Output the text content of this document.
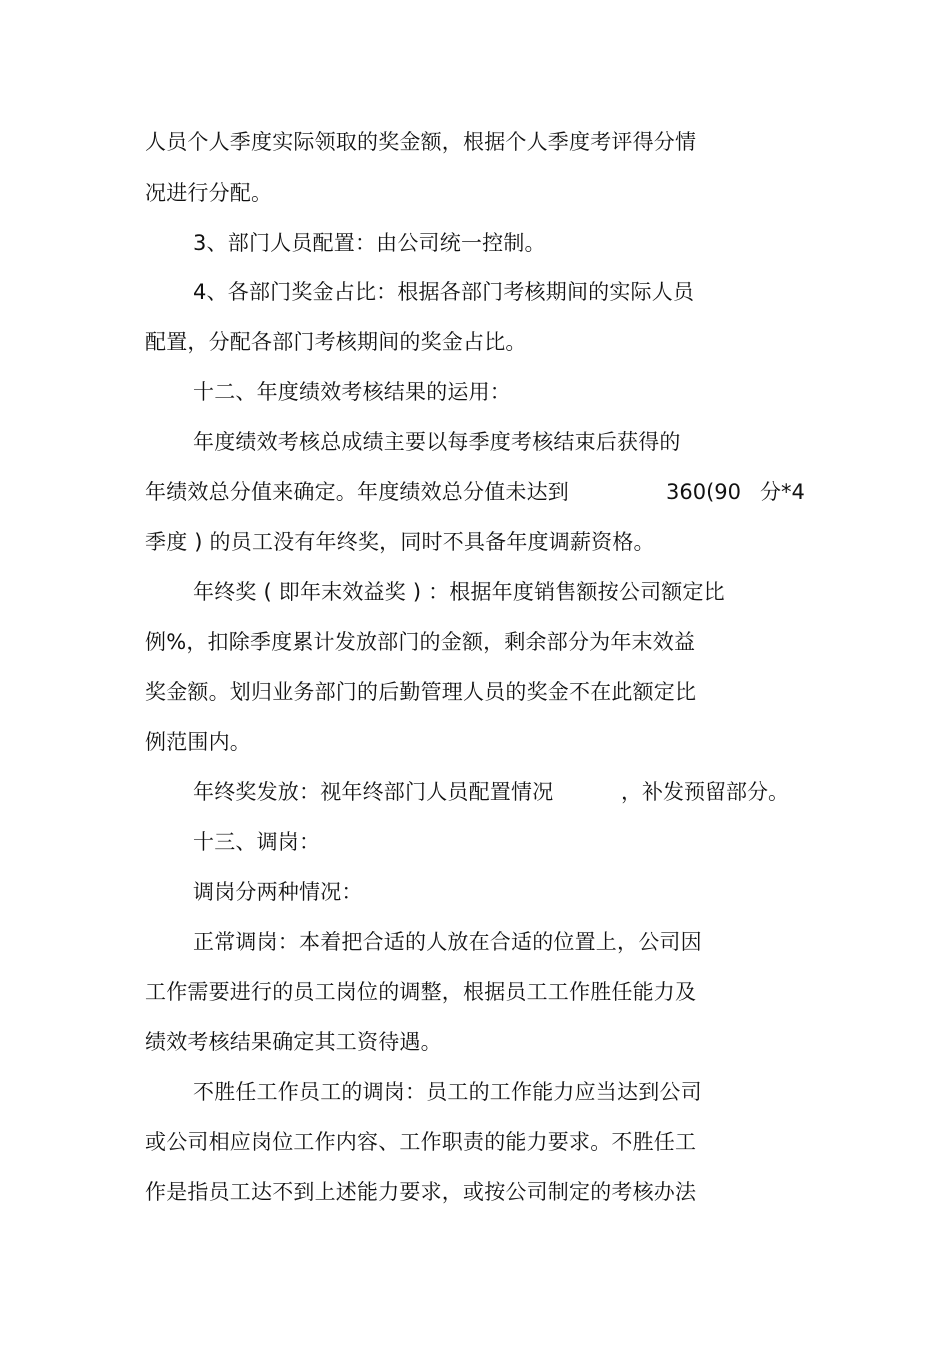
人员个人季度实际领取的奖金额，根据个人季度考评得分情
况进行分配。
3、部门人员配置：由公司统一控制。
4、各部门奖金占比：根据各部门考核期间的实际人员
配置，分配各部门考核期间的奖金占比。
十二、年度绩效考核结果的运用：
年度绩效考核总成绩主要以每季度考核结束后获得的
年绩效总分值来确定。年度绩效总分值未达到	360(90 分*4
季度 ) 的员工没有年终奖，同时不具备年度调薪资格。
年终奖 ( 即年末效益奖 ) ：根据年度销售额按公司额定比
例%，扣除季度累计发放部门的金额，剩余部分为年末效益
奖金额。划归业务部门的后勤管理人员的奖金不在此额定比
例范围内。
年终奖发放：视年终部门人员配置情况	，补发预留部分。
十三、调岗：
调岗分两种情况：
正常调岗：本着把合适的人放在合适的位置上，公司因
工作需要进行的员工岗位的调整，根据员工工作胜任能力及
绩效考核结果确定其工资待遇。
不胜任工作员工的调岗：员工的工作能力应当达到公司
或公司相应岗位工作内容、工作职责的能力要求。不胜任工
作是指员工达不到上述能力要求，或按公司制定的考核办法
